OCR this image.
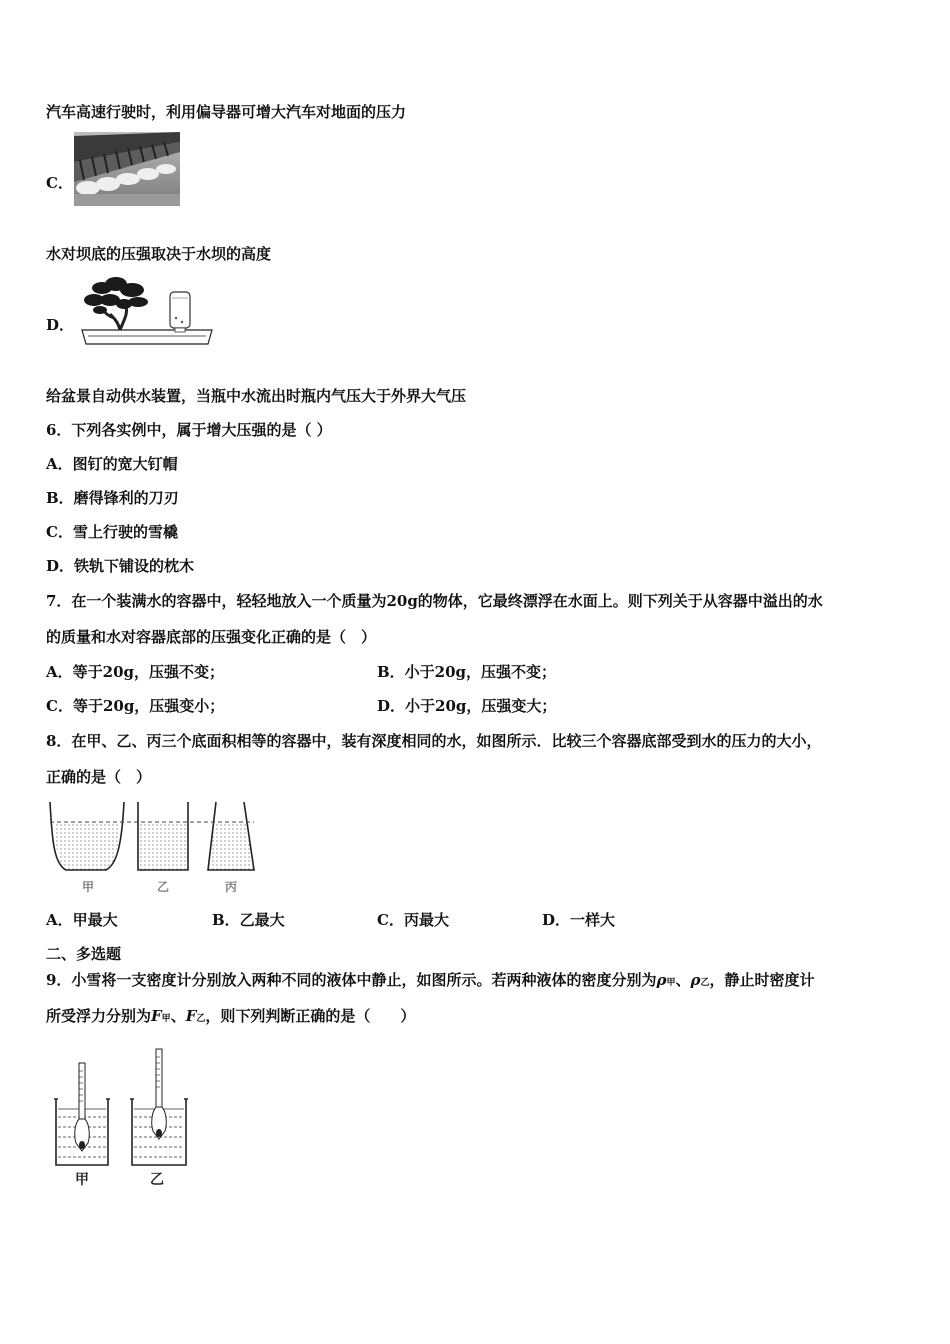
汽车高速行驶时，利用偏导器可增大汽车对地面的压力
C．
水对坝底的压强取决于水坝的高度
D．
给盆景自动供水装置，当瓶中水流出时瓶内气压大于外界大气压
6．下列各实例中，属于增大压强的是（ ）
A．图钉的宽大钉帽
B．磨得锋利的刀刃
C．雪上行驶的雪橇
D．铁轨下铺设的枕木
7．在一个装满水的容器中，轻轻地放入一个质量为20g的物体，它最终漂浮在水面上。则下列关于从容器中溢出的水
的质量和水对容器底部的压强变化正确的是（　）
A．等于20g，压强不变；	B．小于20g，压强不变；
C．等于20g，压强变小；	D．小于20g，压强变大；
8．在甲、乙、丙三个底面积相等的容器中，装有深度相同的水，如图所示．比较三个容器底部受到水的压力的大小，
正确的是（　）
甲	乙	丙
A．甲最大	B．乙最大	C．丙最大	D．一样大
二、多选题
9．小雪将一支密度计分别放入两种不同的液体中静止，如图所示。若两种液体的密度分别为ρ甲、ρ乙，静止时密度计
所受浮力分别为F甲、F乙，则下列判断正确的是（　　）
甲	乙
